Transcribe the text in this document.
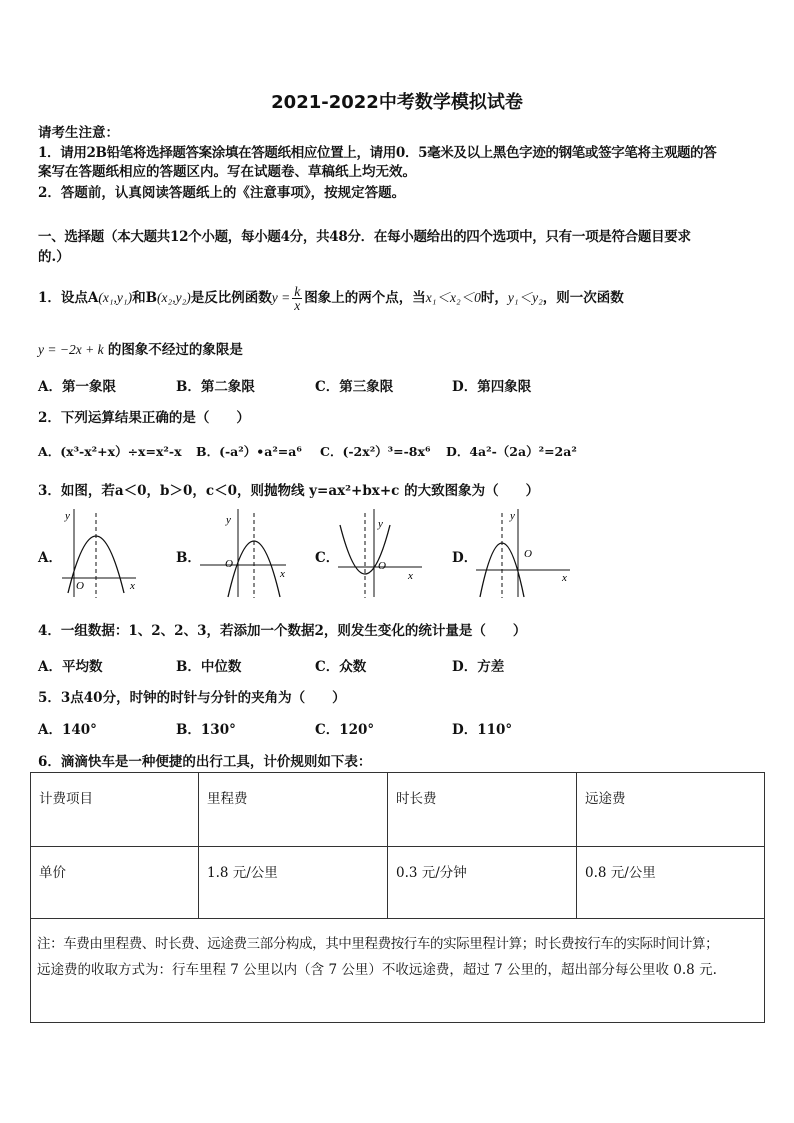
2021-2022中考数学模拟试卷
请考生注意：
1．请用2B铅笔将选择题答案涂填在答题纸相应位置上，请用0．5毫米及以上黑色字迹的钢笔或签字笔将主观题的答
案写在答题纸相应的答题区内。写在试题卷、草稿纸上均无效。
2．答题前，认真阅读答题纸上的《注意事项》，按规定答题。
一、选择题（本大题共12个小题，每小题4分，共48分．在每小题给出的四个选项中，只有一项是符合题目要求
的.）
1．设点A(x₁,y₁)和B(x₂,y₂)是反比例函数$y = \frac{k}{x}$ 图象上的两个点，当x₁＜x₂＜0时，y₁＜y₂，则一次函数
y = −2x + k 的图象不经过的象限是
A．第一象限	B．第二象限	C．第三象限	D．第四象限
2．下列运算结果正确的是（　　）
A．(x³-x²+x）÷x=x²-x B．(-a²）•a²=a⁶ C．(-2x²）³=-8x⁶ D．4a²-（2a）²=2a²
3．如图，若a＜0，b＞0，c＜0，则抛物线 y=ax²+bx+c 的大致图象为（　　）
A．	B．	C．	D．
y
x
O
y
x
O
y
x
O
y
x
O
4．一组数据：1、2、2、3，若添加一个数据2，则发生变化的统计量是（　　）
A．平均数	B．中位数	C．众数	D．方差
5．3点40分，时钟的时针与分针的夹角为（　　）
A．140°	B．130°	C．120°	D．110°
6．滴滴快车是一种便捷的出行工具，计价规则如下表：
计费项目	里程费	时长费	远途费
单价	1.8 元/公里	0.3 元/分钟	0.8 元/公里

注：车费由里程费、时长费、远途费三部分构成，其中里程费按行车的实际里程计算；时长费按行车的实际时间计算；
远途费的收取方式为：行车里程 7 公里以内（含 7 公里）不收远途费，超过 7 公里的，超出部分每公里收 0.8 元.			
